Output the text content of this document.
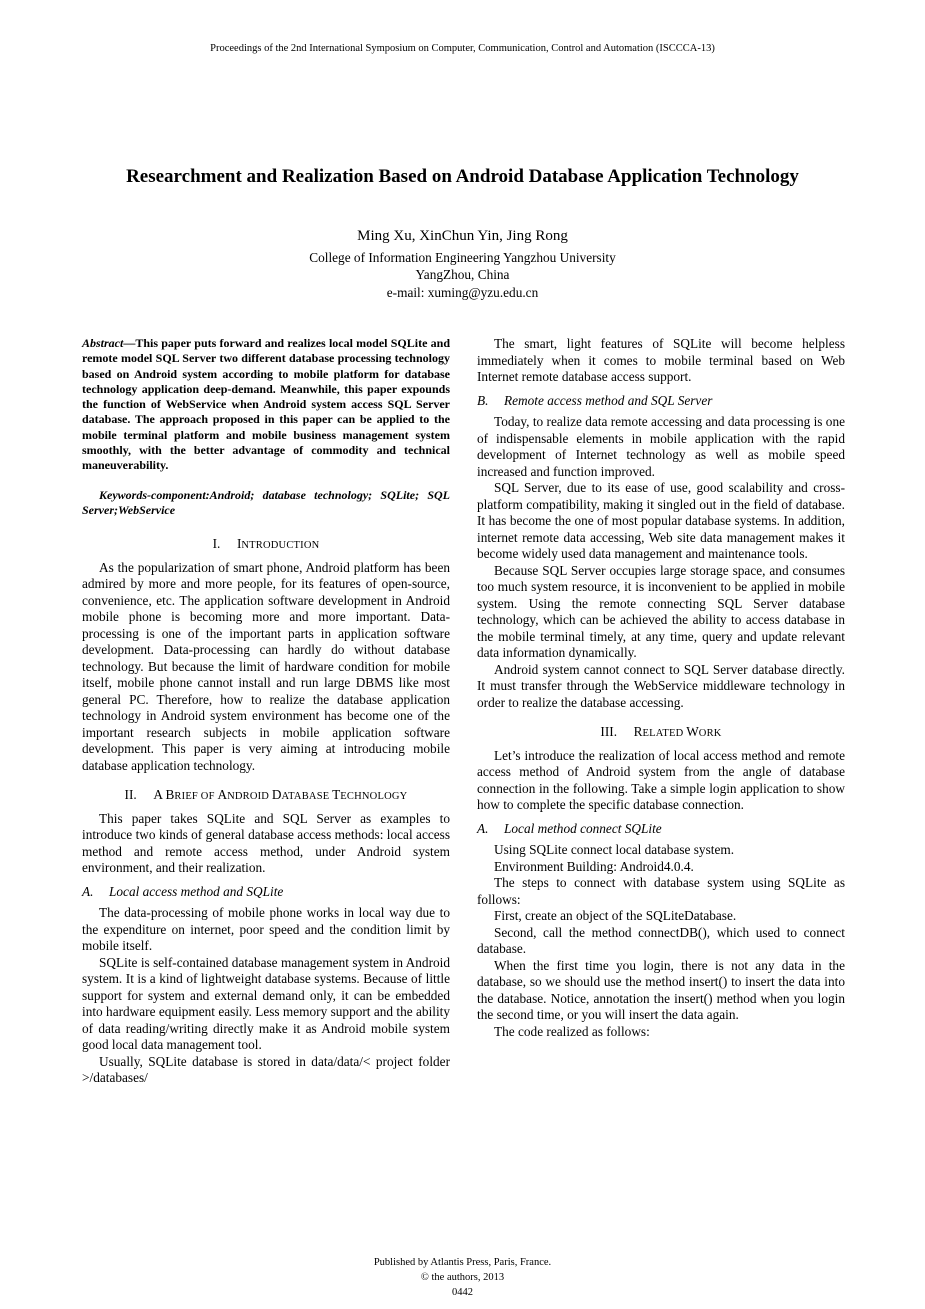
Proceedings of the 2nd International Symposium on Computer, Communication, Control and Automation (ISCCCA-13)
Researchment and Realization Based on Android Database Application Technology
Ming Xu, XinChun Yin, Jing Rong
College of Information Engineering Yangzhou University
YangZhou, China
e-mail: xuming@yzu.edu.cn

Abstract—This paper puts forward and realizes local model SQLite and remote model SQL Server two different database processing technology based on Android system according to mobile platform for database technology application deep-demand. Meanwhile, this paper expounds the function of WebService when Android system access SQL Server database. The approach proposed in this paper can be applied to the mobile terminal platform and mobile business management system smoothly, with the better advantage of commodity and technical maneuverability.

Keywords-component:Android; database technology; SQLite; SQL Server;WebService

I. INTRODUCTION

As the popularization of smart phone, Android platform has been admired by more and more people, for its features of open-source, convenience, etc. The application software development in Android mobile phone is becoming more and more important. Data-processing is one of the important parts in application software development. Data-processing can hardly do without database technology. But because the limit of hardware condition for mobile itself, mobile phone cannot install and run large DBMS like most general PC. Therefore, how to realize the database application technology in Android system environment has become one of the important research subjects in mobile application software development. This paper is very aiming at introducing mobile database application technology.

II. A BRIEF OF ANDROID DATABASE TECHNOLOGY

This paper takes SQLite and SQL Server as examples to introduce two kinds of general database access methods: local access method and remote access method, under Android system environment, and their realization.

A. Local access method and SQLite

The data-processing of mobile phone works in local way due to the expenditure on internet, poor speed and the condition limit by mobile itself.

SQLite is self-contained database management system in Android system. It is a kind of lightweight database systems. Because of little support for system and external demand only, it can be embedded into hardware equipment easily. Less memory support and the ability of data reading/writing directly make it as Android mobile system good local data management tool.

Usually, SQLite database is stored in data/data/< project folder >/databases/

The smart, light features of SQLite will become helpless immediately when it comes to mobile terminal based on Web Internet remote database access support.

B. Remote access method and SQL Server

Today, to realize data remote accessing and data processing is one of indispensable elements in mobile application with the rapid development of Internet technology as well as mobile speed increased and function improved.

SQL Server, due to its ease of use, good scalability and cross-platform compatibility, making it singled out in the field of database. It has become the one of most popular database systems. In addition, internet remote data accessing, Web site data management makes it become widely used data management and maintenance tools.

Because SQL Server occupies large storage space, and consumes too much system resource, it is inconvenient to be applied in mobile system. Using the remote connecting SQL Server database technology, which can be achieved the ability to access database in the mobile terminal timely, at any time, query and update relevant data information dynamically.

Android system cannot connect to SQL Server database directly. It must transfer through the WebService middleware technology in order to realize the database accessing.

III. RELATED WORK

Let’s introduce the realization of local access method and remote access method of Android system from the angle of database connection in the following. Take a simple login application to show how to complete the specific database connection.

A. Local method connect SQLite

Using SQLite connect local database system.

Environment Building: Android4.0.4.

The steps to connect with database system using SQLite as follows:

First, create an object of the SQLiteDatabase.

Second, call the method connectDB(), which used to connect database.

When the first time you login, there is not any data in the database, so we should use the method insert() to insert the data into the database. Notice, annotation the insert() method when you login the second time, or you will insert the data again.

The code realized as follows:

Published by Atlantis Press, Paris, France.
© the authors, 2013
0442
